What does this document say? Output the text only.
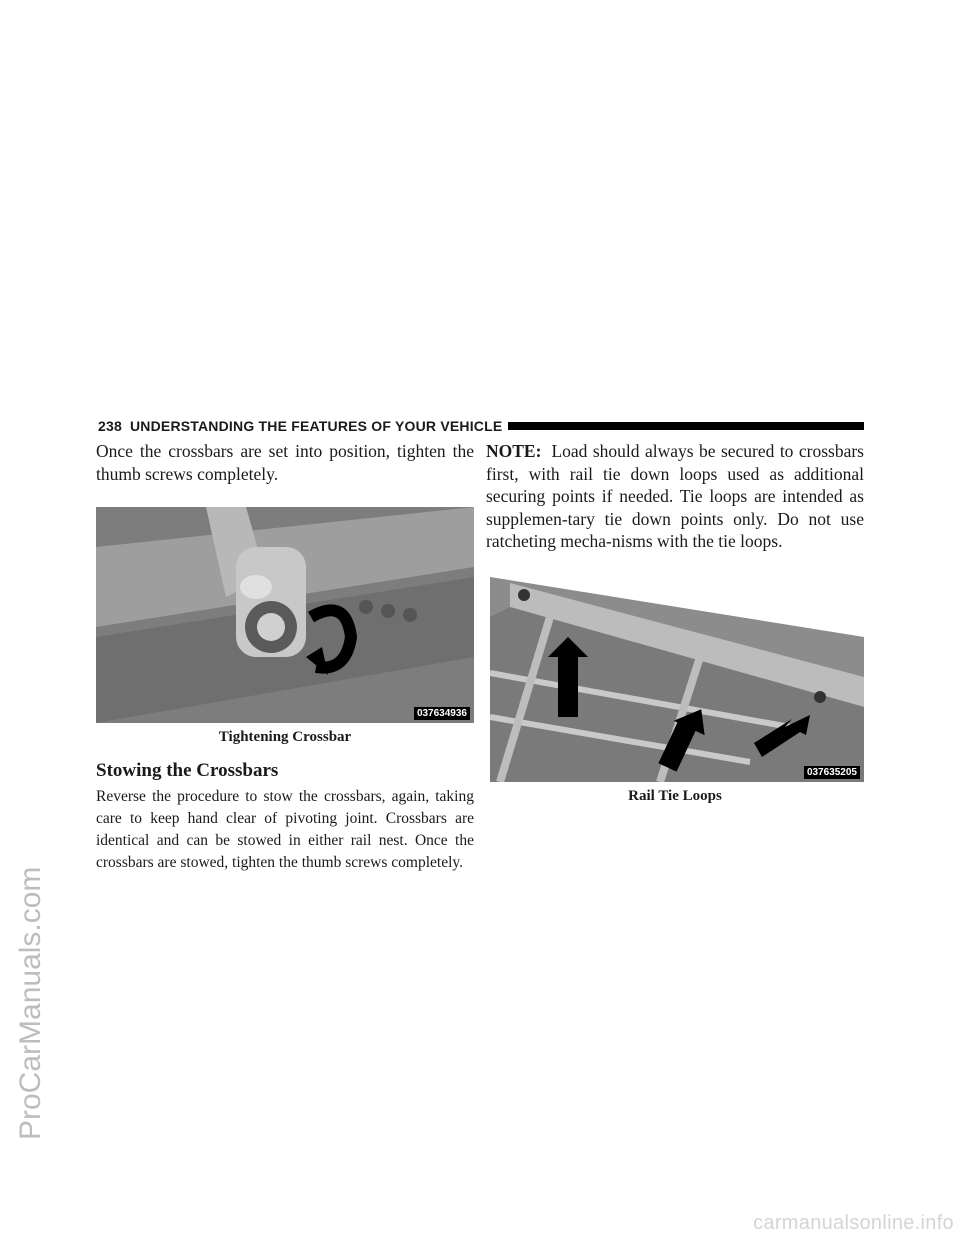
ProCarManuals.com
238 UNDERSTANDING THE FEATURES OF YOUR VEHICLE

Once the crossbars are set into position, tighten the thumb screws completely.

037634936
Tightening Crossbar
Stowing the Crossbars

Reverse the procedure to stow the crossbars, again, taking care to keep hand clear of pivoting joint. Crossbars are identical and can be stowed in either rail nest. Once the crossbars are stowed, tighten the thumb screws completely.

NOTE: Load should always be secured to crossbars first, with rail tie down loops used as additional securing points if needed. Tie loops are intended as supplemen-tary tie down points only. Do not use ratcheting mecha-nisms with the tie loops.

037635205
Rail Tie Loops
carmanualsonline.info
